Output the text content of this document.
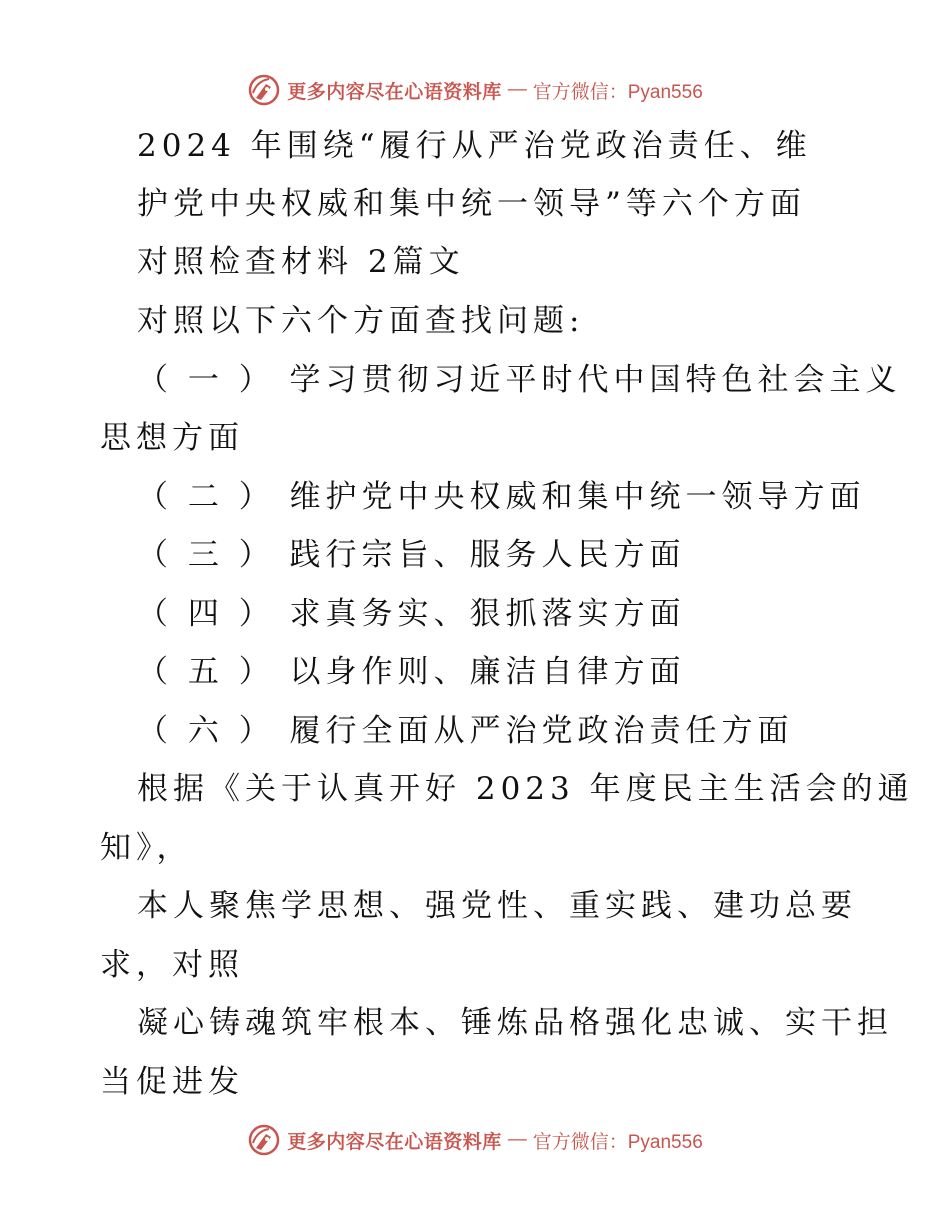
更多内容尽在心语资料库 — 官方微信：Pyan556
2024 年围绕“履行从严治党政治责任、维
护党中央权威和集中统一领导”等六个方面
对照检查材料 2篇文
对照以下六个方面查找问题:
（ 一 ） 学习贯彻习近平时代中国特色社会主义
思想方面
（ 二 ） 维护党中央权威和集中统一领导方面
（ 三 ） 践行宗旨、服务人民方面
（ 四 ） 求真务实、狠抓落实方面
（ 五 ） 以身作则、廉洁自律方面
（ 六 ） 履行全面从严治党政治责任方面
根据《关于认真开好 2023 年度民主生活会的通
知》，
本人聚焦学思想、强党性、重实践、建功总要
求，对照
凝心铸魂筑牢根本、锤炼品格强化忠诚、实干担
当促进发
更多内容尽在心语资料库 — 官方微信：Pyan556
